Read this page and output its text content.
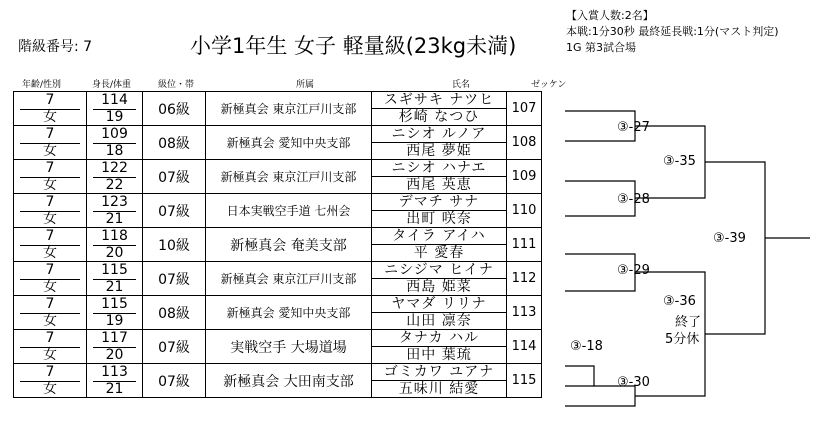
階級番号: 7	小学1年生 女子 軽量級(23kg未満)
【入賞人数:2名】
本戦:1分30秒 最終延長戦:1分(マスト判定)
1G 第3試合場
年齢/性別	身長/体重	級位・帯	所属	氏名	ゼッケン
7	114	06級	新極真会 東京江戸川支部	スギサキ ナツヒ	107

女	19			杉崎 なつひ	
7	109	08級	新極真会 愛知中央支部	ニシオ ルノア	108

女	18			西尾 夢姫	
7	122	07級	新極真会 東京江戸川支部	ニシオ ハナエ	109

女	22			西尾 英恵	
7	123	07級	日本実戦空手道 七州会	デマチ サナ	110

女	21			出町 咲奈	
7	118	10級	新極真会 奄美支部	タイラ アイハ	111

女	20			平 愛春	
7	115	07級	新極真会 東京江戸川支部	ニシジマ ヒイナ	112

女	21			西島 姫菜	
7	115	08級	新極真会 愛知中央支部	ヤマダ リリナ	113

女	19			山田 凛奈	
7	117	07級	実戦空手 大場道場	タナカ ハル	114

女	20			田中 葉琉	
7	113	07級	新極真会 大田南支部	ゴミカワ ユアナ	115

女	21			五味川 結愛	
③-27
③-35
③-28
③-39
③-29
③-36
終了
5分休
③-18
③-30
